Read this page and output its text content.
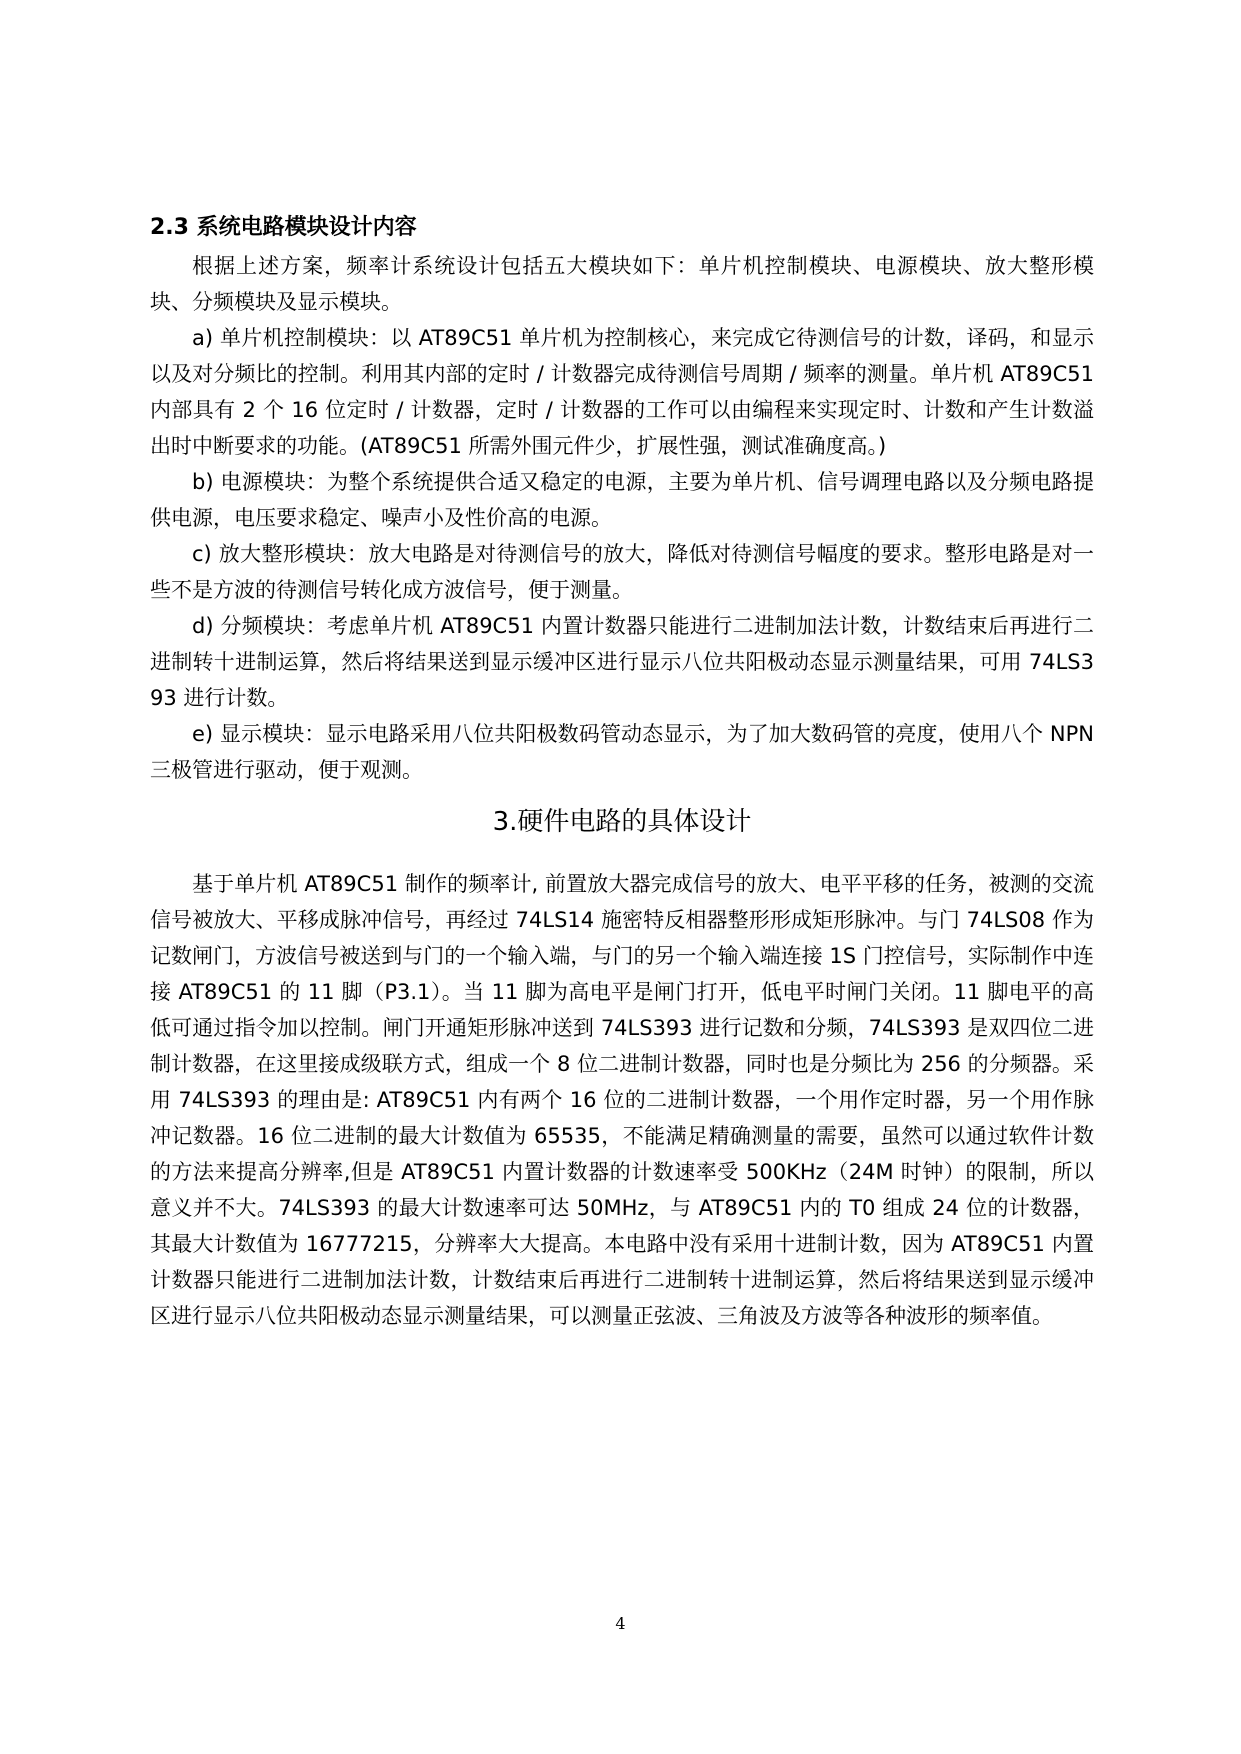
2.3 系统电路模块设计内容

根据上述方案，频率计系统设计包括五大模块如下：单片机控制模块、电源模块、放大整形模块、分频模块及显示模块。

a) 单片机控制模块：以 AT89C51 单片机为控制核心，来完成它待测信号的计数，译码，和显示以及对分频比的控制。利用其内部的定时 / 计数器完成待测信号周期 / 频率的测量。单片机 AT89C51 内部具有 2 个 16 位定时 / 计数器，定时 / 计数器的工作可以由编程来实现定时、计数和产生计数溢出时中断要求的功能。(AT89C51 所需外围元件少，扩展性强，测试准确度高。)

b) 电源模块：为整个系统提供合适又稳定的电源，主要为单片机、信号调理电路以及分频电路提供电源，电压要求稳定、噪声小及性价高的电源。

c) 放大整形模块：放大电路是对待测信号的放大，降低对待测信号幅度的要求。整形电路是对一些不是方波的待测信号转化成方波信号，便于测量。

d) 分频模块：考虑单片机 AT89C51 内置计数器只能进行二进制加法计数，计数结束后再进行二进制转十进制运算，然后将结果送到显示缓冲区进行显示八位共阳极动态显示测量结果，可用 74LS393 进行计数。

e) 显示模块：显示电路采用八位共阳极数码管动态显示，为了加大数码管的亮度，使用八个 NPN 三极管进行驱动，便于观测。

3.硬件电路的具体设计

基于单片机 AT89C51 制作的频率计, 前置放大器完成信号的放大、电平平移的任务，被测的交流信号被放大、平移成脉冲信号，再经过 74LS14 施密特反相器整形形成矩形脉冲。与门 74LS08 作为记数闸门，方波信号被送到与门的一个输入端，与门的另一个输入端连接 1S 门控信号，实际制作中连接 AT89C51 的 11 脚（P3.1）。当 11 脚为高电平是闸门打开，低电平时闸门关闭。11 脚电平的高低可通过指令加以控制。闸门开通矩形脉冲送到 74LS393 进行记数和分频，74LS393 是双四位二进制计数器，在这里接成级联方式，组成一个 8 位二进制计数器，同时也是分频比为 256 的分频器。采用 74LS393 的理由是: AT89C51 内有两个 16 位的二进制计数器，一个用作定时器，另一个用作脉冲记数器。16 位二进制的最大计数值为 65535，不能满足精确测量的需要，虽然可以通过软件计数的方法来提高分辨率,但是 AT89C51 内置计数器的计数速率受 500KHz（24M 时钟）的限制，所以意义并不大。74LS393 的最大计数速率可达 50MHz，与 AT89C51 内的 T0 组成 24 位的计数器，其最大计数值为 16777215，分辨率大大提高。本电路中没有采用十进制计数，因为 AT89C51 内置计数器只能进行二进制加法计数，计数结束后再进行二进制转十进制运算，然后将结果送到显示缓冲区进行显示八位共阳极动态显示测量结果，可以测量正弦波、三角波及方波等各种波形的频率值。

4
